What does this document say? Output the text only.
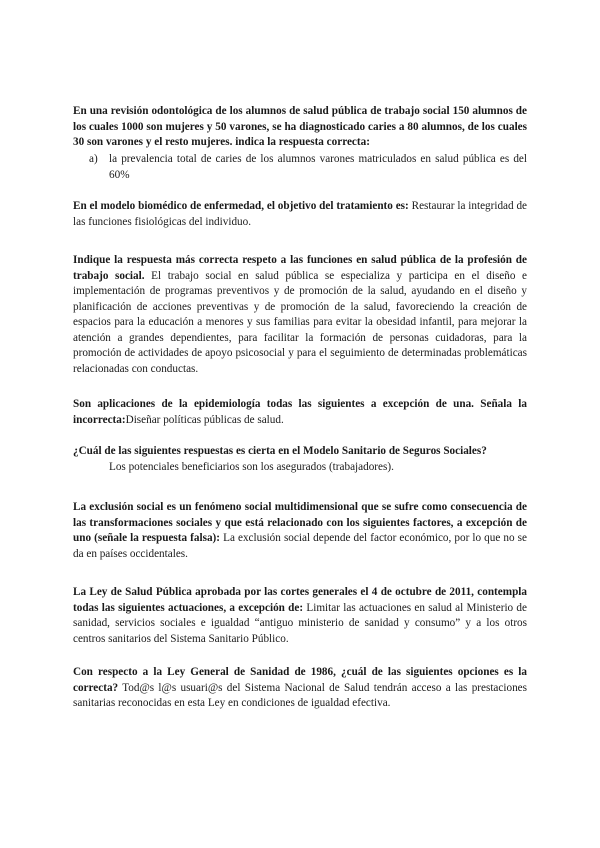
En una revisión odontológica de los alumnos de salud pública de trabajo social 150 alumnos de los cuales 1000 son mujeres y 50 varones, se ha diagnosticado caries a 80 alumnos, de los cuales 30 son varones y el resto mujeres. indica la respuesta correcta:
a) la prevalencia total de caries de los alumnos varones matriculados en salud pública es del 60%
En el modelo biomédico de enfermedad, el objetivo del tratamiento es: Restaurar la integridad de las funciones fisiológicas del individuo.
Indique la respuesta más correcta respeto a las funciones en salud pública de la profesión de trabajo social. El trabajo social en salud pública se especializa y participa en el diseño e implementación de programas preventivos y de promoción de la salud, ayudando en el diseño y planificación de acciones preventivas y de promoción de la salud, favoreciendo la creación de espacios para la educación a menores y sus familias para evitar la obesidad infantil, para mejorar la atención a grandes dependientes, para facilitar la formación de personas cuidadoras, para la promoción de actividades de apoyo psicosocial y para el seguimiento de determinadas problemáticas relacionadas con conductas.
Son aplicaciones de la epidemiología todas las siguientes a excepción de una. Señala la incorrecta:Diseñar políticas públicas de salud.
¿Cuál de las siguientes respuestas es cierta en el Modelo Sanitario de Seguros Sociales?
Los potenciales beneficiarios son los asegurados (trabajadores).
La exclusión social es un fenómeno social multidimensional que se sufre como consecuencia de las transformaciones sociales y que está relacionado con los siguientes factores, a excepción de uno (señale la respuesta falsa): La exclusión social depende del factor económico, por lo que no se da en países occidentales.
La Ley de Salud Pública aprobada por las cortes generales el 4 de octubre de 2011, contempla todas las siguientes actuaciones, a excepción de: Limitar las actuaciones en salud al Ministerio de sanidad, servicios sociales e igualdad “antiguo ministerio de sanidad y consumo” y a los otros centros sanitarios del Sistema Sanitario Público.
Con respecto a la Ley General de Sanidad de 1986, ¿cuál de las siguientes opciones es la correcta? Tod@s l@s usuari@s del Sistema Nacional de Salud tendrán acceso a las prestaciones sanitarias reconocidas en esta Ley en condiciones de igualdad efectiva.
